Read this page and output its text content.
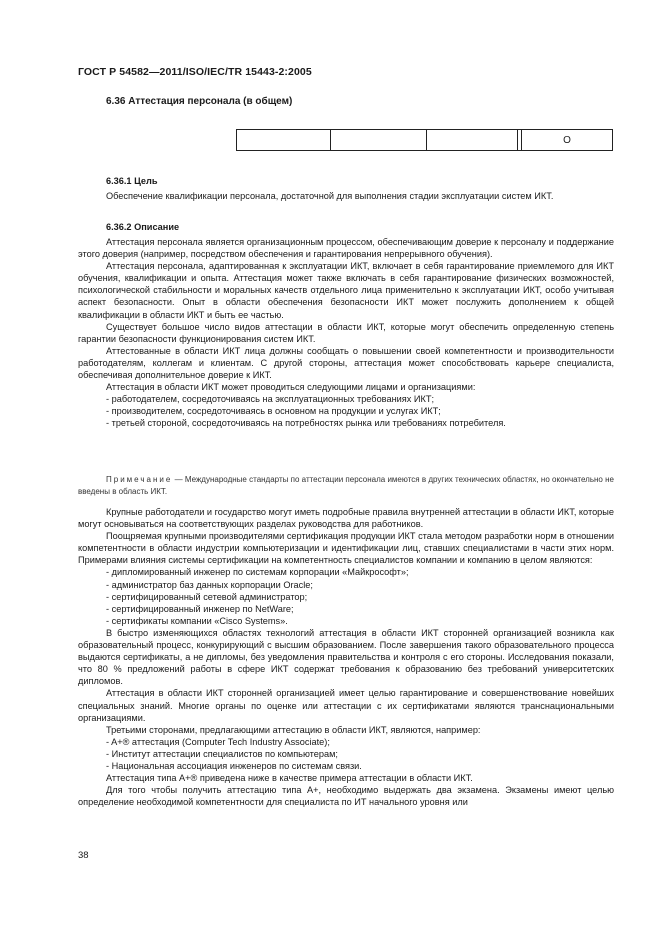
ГОСТ Р 54582—2011/ISO/IEC/TR 15443-2:2005
6.36 Аттестация персонала (в общем)
O
6.36.1 Цель

Обеспечение квалификации персонала, достаточной для выполнения стадии эксплуатации систем ИКТ.

6.36.2 Описание

Аттестация персонала является организационным процессом, обеспечивающим доверие к персоналу и поддержание этого доверия (например, посредством обеспечения и гарантирования непрерывного обучения).

Аттестация персонала, адаптированная к эксплуатации ИКТ, включает в себя гарантирование приемлемого для ИКТ обучения, квалификации и опыта. Аттестация может также включать в себя гарантирование физических возможностей, психологической стабильности и моральных качеств отдельного лица применительно к эксплуатации ИКТ, особо учитывая аспект безопасности. Опыт в области обеспечения безопасности ИКТ может послужить дополнением к общей квалификации в области ИКТ и быть ее частью.

Существует большое число видов аттестации в области ИКТ, которые могут обеспечить определенную степень гарантии безопасности функционирования систем ИКТ.

Аттестованные в области ИКТ лица должны сообщать о повышении своей компетентности и производительности работодателям, коллегам и клиентам. С другой стороны, аттестация может способствовать карьере специалиста, обеспечивая дополнительное доверие к ИКТ.

Аттестация в области ИКТ может проводиться следующими лицами и организациями:

- работодателем, сосредоточиваясь на эксплуатационных требованиях ИКТ;

- производителем, сосредоточиваясь в основном на продукции и услугах ИКТ;

- третьей стороной, сосредоточиваясь на потребностях рынка или требованиях потребителя.

Примечание — Международные стандарты по аттестации персонала имеются в других технических областях, но окончательно не введены в область ИКТ.

Крупные работодатели и государство могут иметь подробные правила внутренней аттестации в области ИКТ, которые могут основываться на соответствующих разделах руководства для работников.

Поощряемая крупными производителями сертификация продукции ИКТ стала методом разработки норм в отношении компетентности в области индустрии компьютеризации и идентификации лиц, ставших специалистами в части этих норм. Примерами влияния системы сертификации на компетентность специалистов компании и компанию в целом являются:

- дипломированный инженер по системам корпорации «Майкрософт»;

- администратор баз данных корпорации Oracle;

- сертифицированный сетевой администратор;

- сертифицированный инженер по NetWare;

- сертификаты компании «Cisco Systems».

В быстро изменяющихся областях технологий аттестация в области ИКТ сторонней организацией возникла как образовательный процесс, конкурирующий с высшим образованием. После завершения такого образовательного процесса выдаются сертификаты, а не дипломы, без уведомления правительства и контроля с его стороны. Исследования показали, что 80 % предложений работы в сфере ИКТ содержат требования к образованию без требований университетских дипломов.

Аттестация в области ИКТ сторонней организацией имеет целью гарантирование и совершенствование новейших специальных знаний. Многие органы по оценке или аттестации с их сертификатами являются транснациональными организациями.

Третьими сторонами, предлагающими аттестацию в области ИКТ, являются, например:

- A+® аттестация (Computer Tech Industry Associate);

- Институт аттестации специалистов по компьютерам;

- Национальная ассоциация инженеров по системам связи.

Аттестация типа A+® приведена ниже в качестве примера аттестации в области ИКТ.

Для того чтобы получить аттестацию типа A+, необходимо выдержать два экзамена. Экзамены имеют целью определение необходимой компетентности для специалиста по ИТ начального уровня или

38
